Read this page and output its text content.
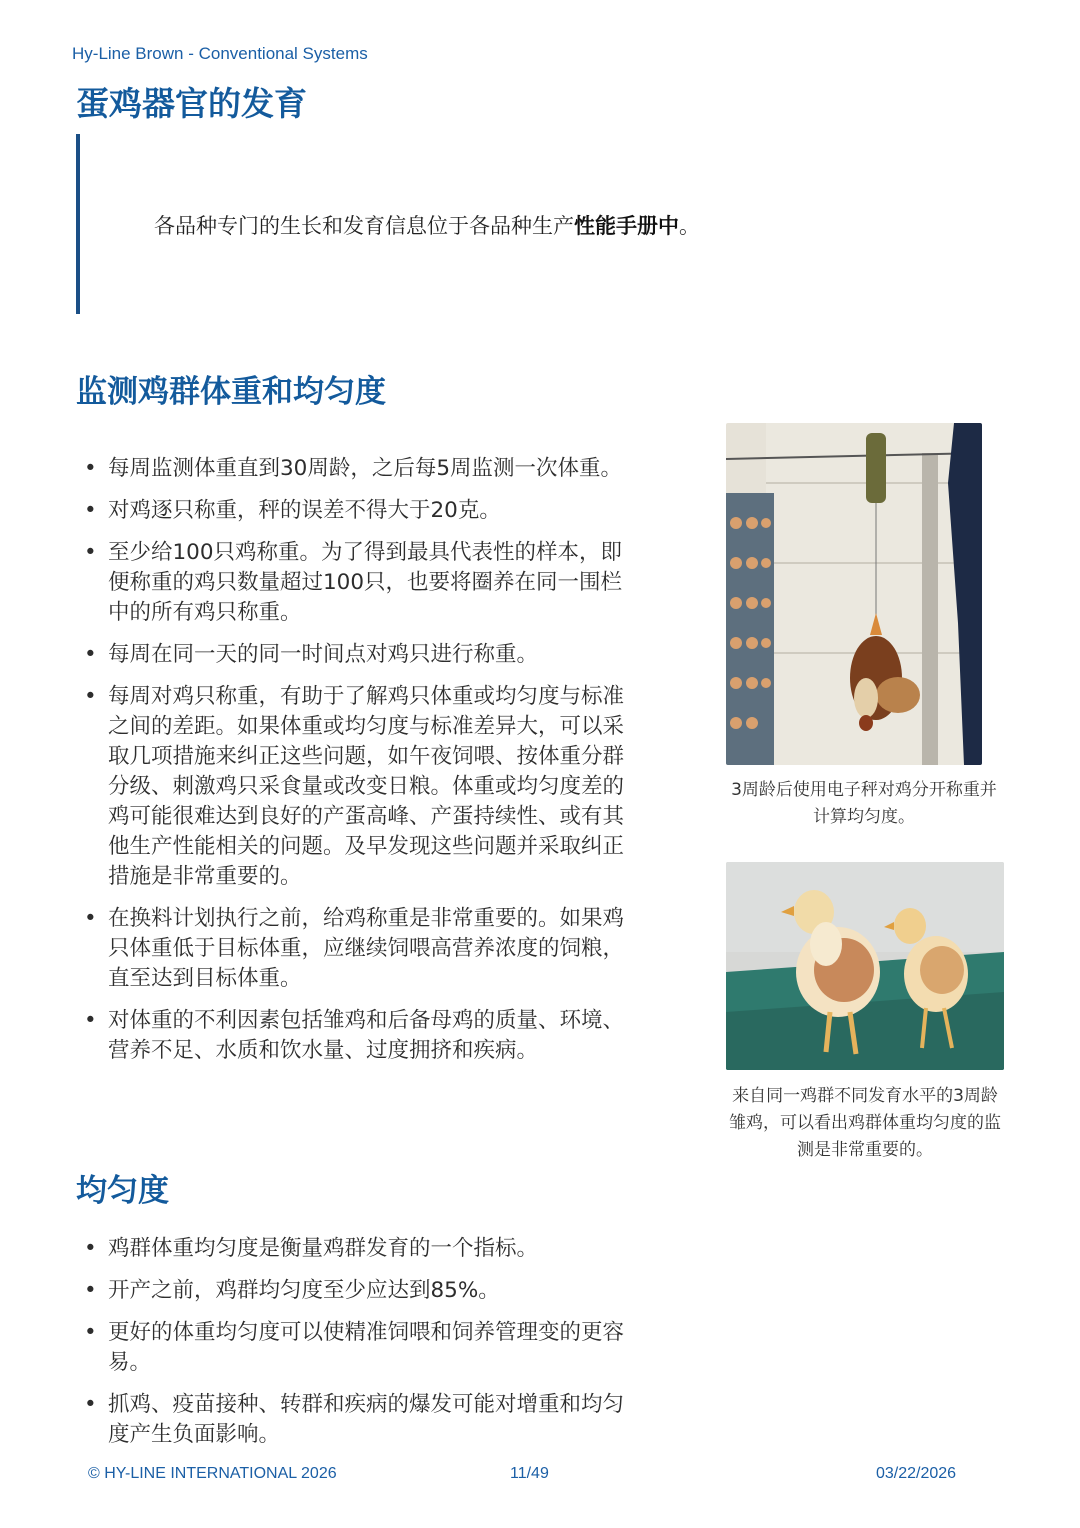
Hy-Line Brown - Conventional Systems
蛋鸡器官的发育
各品种专门的生长和发育信息位于各品种生产性能手册中。
监测鸡群体重和均匀度
• 每周监测体重直到30周龄，之后每5周监测一次体重。
• 对鸡逐只称重，秤的误差不得大于20克。
• 至少给100只鸡称重。为了得到最具代表性的样本，即便称重的鸡只数量超过100只，也要将圈养在同一围栏中的所有鸡只称重。
• 每周在同一天的同一时间点对鸡只进行称重。
• 每周对鸡只称重，有助于了解鸡只体重或均匀度与标准之间的差距。如果体重或均匀度与标准差异大，可以采取几项措施来纠正这些问题，如午夜饲喂、按体重分群分级、刺激鸡只采食量或改变日粮。体重或均匀度差的鸡可能很难达到良好的产蛋高峰、产蛋持续性、或有其他生产性能相关的问题。及早发现这些问题并采取纠正措施是非常重要的。
• 在换料计划执行之前，给鸡称重是非常重要的。如果鸡只体重低于目标体重，应继续饲喂高营养浓度的饲粮，直至达到目标体重。
• 对体重的不利因素包括雏鸡和后备母鸡的质量、环境、营养不足、水质和饮水量、过度拥挤和疾病。
均匀度
• 鸡群体重均匀度是衡量鸡群发育的一个指标。
• 开产之前，鸡群均匀度至少应达到85%。
• 更好的体重均匀度可以使精准饲喂和饲养管理变的更容易。
• 抓鸡、疫苗接种、转群和疾病的爆发可能对增重和均匀度产生负面影响。
3周龄后使用电子秤对鸡分开称重并计算均匀度。
来自同一鸡群不同发育水平的3周龄雏鸡，可以看出鸡群体重均匀度的监测是非常重要的。
© HY-LINE INTERNATIONAL 2026	11/49	03/22/2026
